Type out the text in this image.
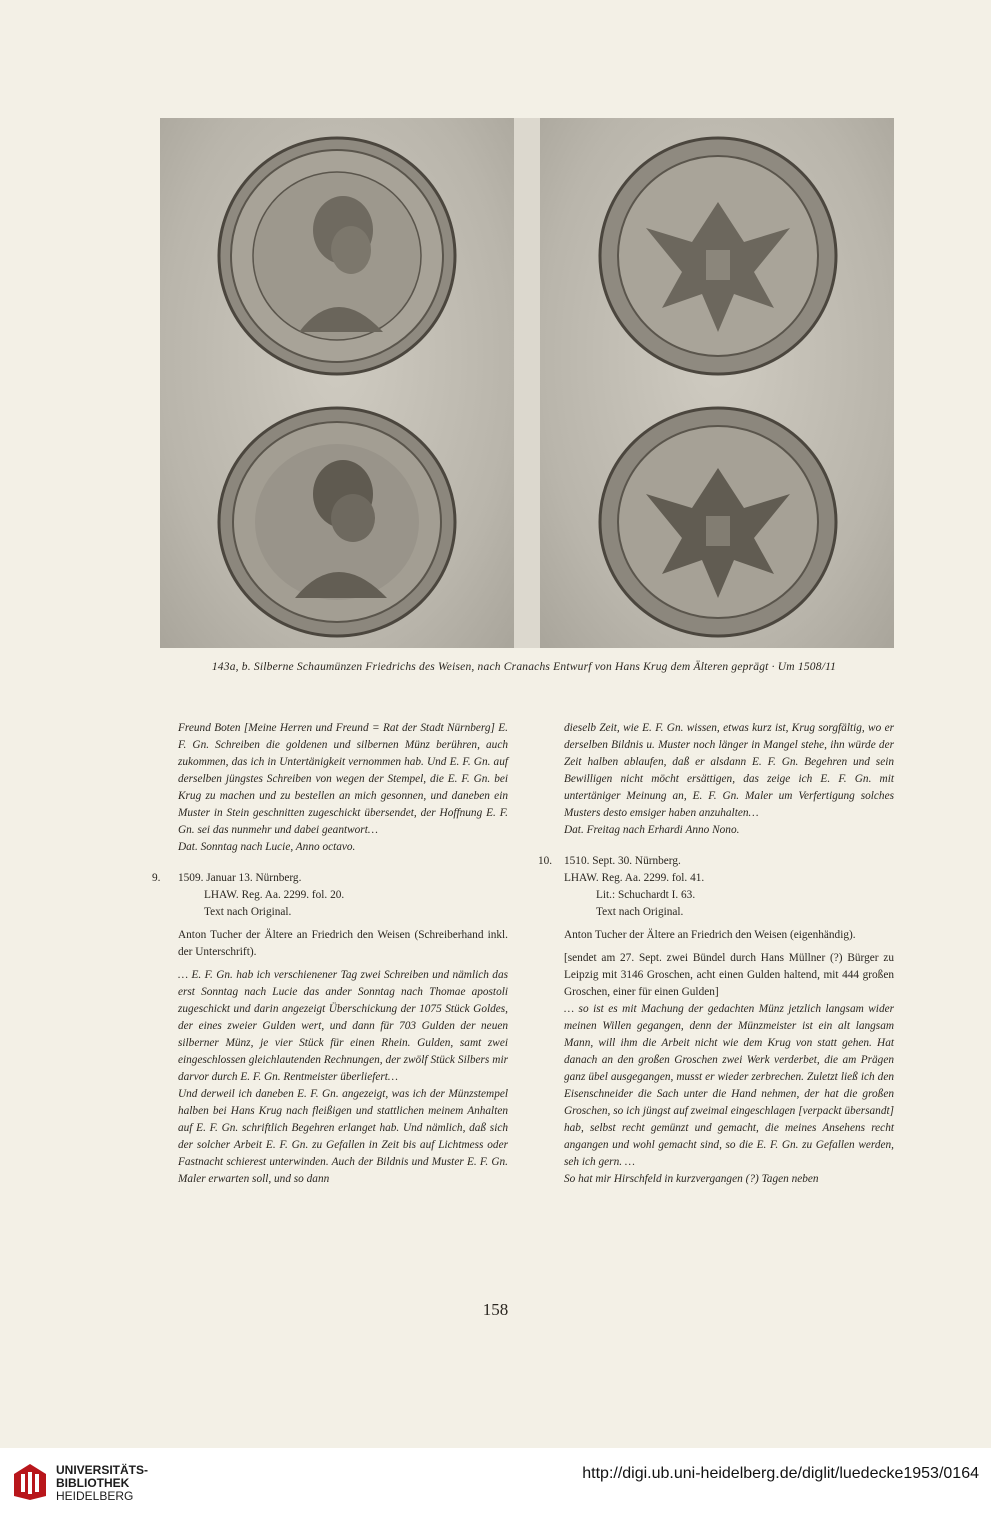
143a, b. Silberne Schaumünzen Friedrichs des Weisen, nach Cranachs Entwurf von Hans Krug dem Älteren geprägt · Um 1508/11

Freund Boten [Meine Herren und Freund = Rat der Stadt Nürnberg] E. F. Gn. Schreiben die goldenen und silbernen Münz berühren, auch zukommen, das ich in Untertänigkeit vernommen hab. Und E. F. Gn. auf derselben jüngstes Schreiben von wegen der Stempel, die E. F. Gn. bei Krug zu machen und zu bestellen an mich gesonnen, und daneben ein Muster in Stein geschnitten zugeschickt übersendet, der Hoffnung E. F. Gn. sei das nunmehr und dabei geantwort…

Dat. Sonntag nach Lucie, Anno octavo.

9. 1509. Januar 13. Nürnberg.

LHAW. Reg. Aa. 2299. fol. 20.

Text nach Original.

Anton Tucher der Ältere an Friedrich den Weisen (Schreiberhand inkl. der Unterschrift).

… E. F. Gn. hab ich verschienener Tag zwei Schreiben und nämlich das erst Sonntag nach Lucie das ander Sonntag nach Thomae apostoli zugeschickt und darin angezeigt Überschickung der 1075 Stück Goldes, der eines zweier Gulden wert, und dann für 703 Gulden der neuen silberner Münz, je vier Stück für einen Rhein. Gulden, samt zwei eingeschlossen gleichlautenden Rechnungen, der zwölf Stück Silbers mir darvor durch E. F. Gn. Rentmeister überliefert…

Und derweil ich daneben E. F. Gn. angezeigt, was ich der Münzstempel halben bei Hans Krug nach fleißigen und stattlichen meinem Anhalten auf E. F. Gn. schriftlich Begehren erlanget hab. Und nämlich, daß sich der solcher Arbeit E. F. Gn. zu Gefallen in Zeit bis auf Lichtmess oder Fastnacht schierest unterwinden. Auch der Bildnis und Muster E. F. Gn. Maler erwarten soll, und so dann

dieselb Zeit, wie E. F. Gn. wissen, etwas kurz ist, Krug sorgfältig, wo er derselben Bildnis u. Muster noch länger in Mangel stehe, ihn würde der Zeit halben ablaufen, daß er alsdann E. F. Gn. Begehren und sein Bewilligen nicht möcht ersättigen, das zeige ich E. F. Gn. mit untertäniger Meinung an, E. F. Gn. Maler um Verfertigung solches Musters desto emsiger haben anzuhalten…

Dat. Freitag nach Erhardi Anno Nono.

10. 1510. Sept. 30. Nürnberg.

LHAW. Reg. Aa. 2299. fol. 41.

Lit.: Schuchardt I. 63.

Text nach Original.

Anton Tucher der Ältere an Friedrich den Weisen (eigenhändig).

[sendet am 27. Sept. zwei Bündel durch Hans Müllner (?) Bürger zu Leipzig mit 3146 Groschen, acht einen Gulden haltend, mit 444 großen Groschen, einer für einen Gulden]

… so ist es mit Machung der gedachten Münz jetzlich langsam wider meinen Willen gegangen, denn der Münzmeister ist ein alt langsam Mann, will ihm die Arbeit nicht wie dem Krug von statt gehen. Hat danach an den großen Groschen zwei Werk verderbet, die am Prägen ganz übel ausgegangen, musst er wieder zerbrechen. Zuletzt ließ ich den Eisenschneider die Sach unter die Hand nehmen, der hat die großen Groschen, so ich jüngst auf zweimal eingeschlagen [verpackt übersandt] hab, selbst recht gemünzt und gemacht, die meines Ansehens recht angangen und wohl gemacht sind, so die E. F. Gn. zu Gefallen werden, seh ich gern. …

So hat mir Hirschfeld in kurzvergangen (?) Tagen neben

158
UNIVERSITÄTS-
BIBLIOTHEK
HEIDELBERG
http://digi.ub.uni-heidelberg.de/diglit/luedecke1953/0164
